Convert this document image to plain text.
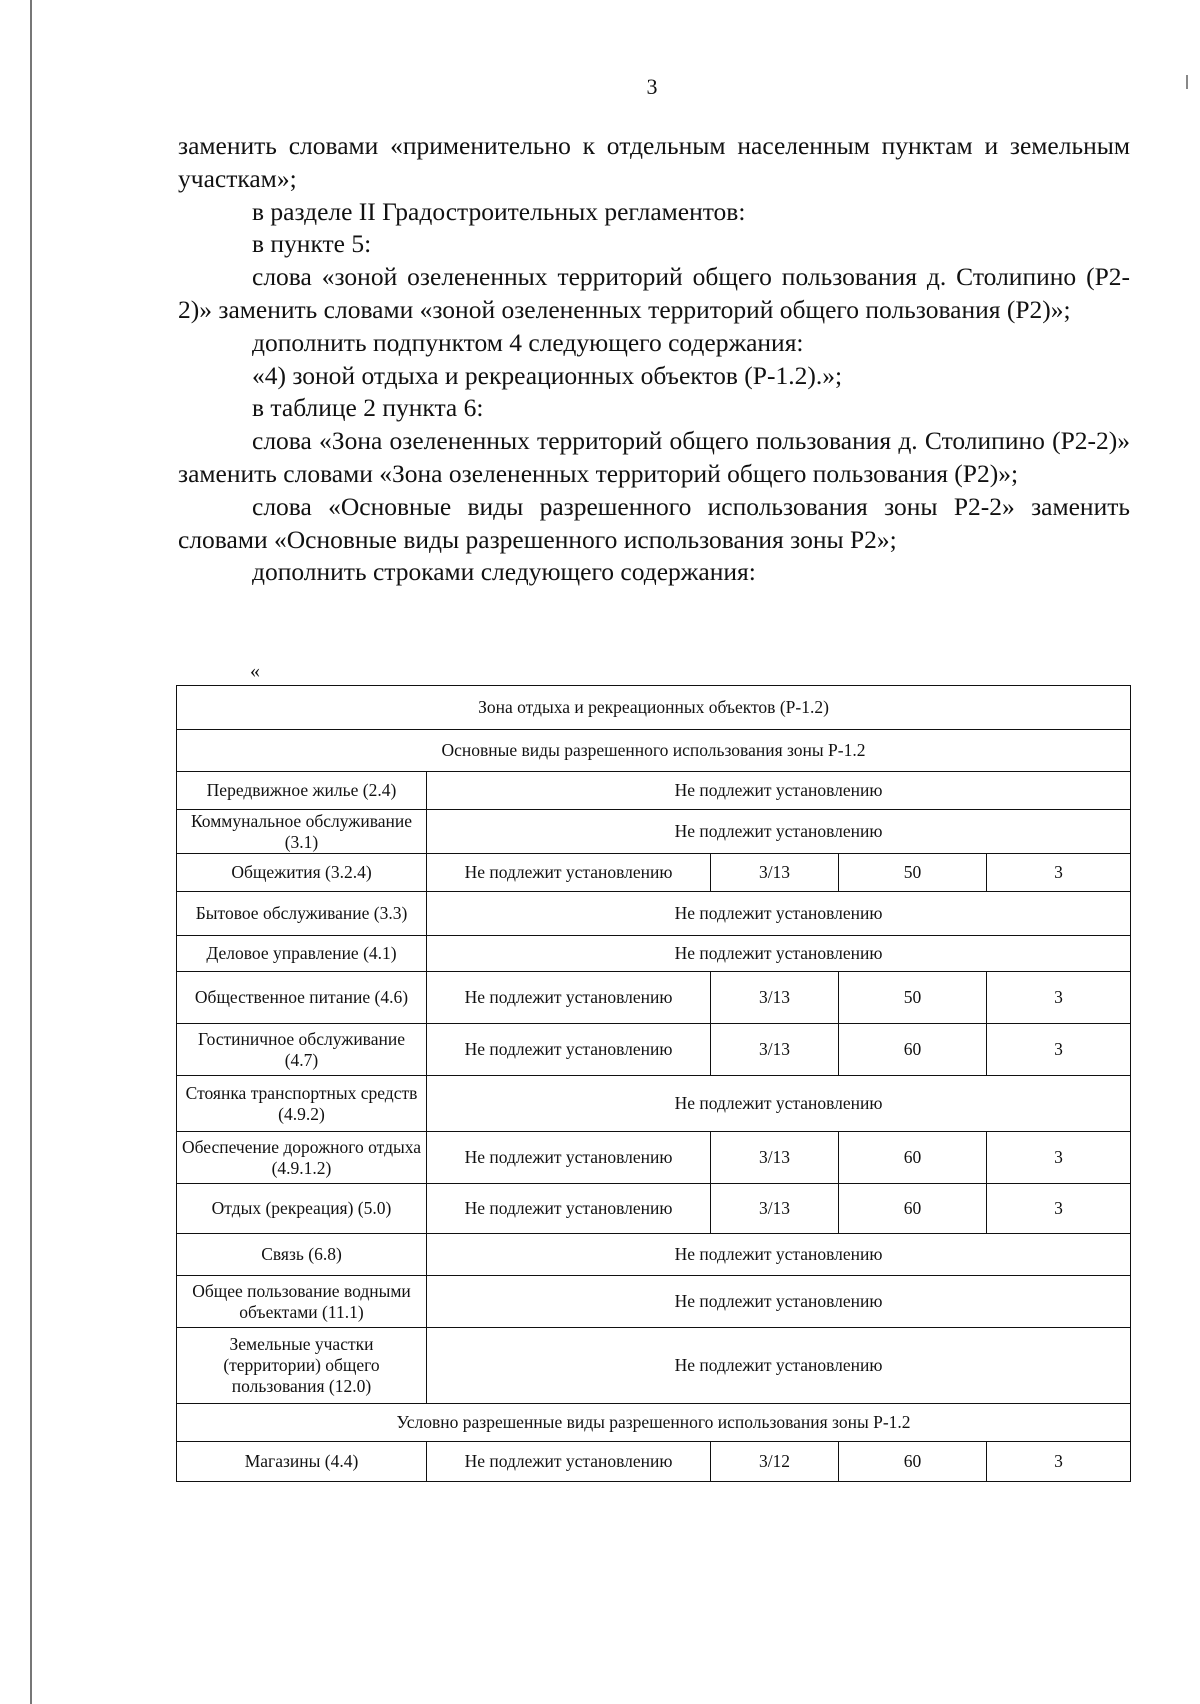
3

заменить словами «применительно к отдельным населенным пунктам и земельным участкам»;

в разделе II Градостроительных регламентов:

в пункте 5:

слова «зоной озелененных территорий общего пользования д. Столипино (Р2-2)» заменить словами «зоной озелененных территорий общего пользования (Р2)»;

дополнить подпунктом 4 следующего содержания:

«4) зоной отдыха и рекреационных объектов (Р-1.2).»;

в таблице 2 пункта 6:

слова «Зона озелененных территорий общего пользования д. Столипино (Р2-2)» заменить словами «Зона озелененных территорий общего пользования (Р2)»;

слова «Основные виды разрешенного использования зоны Р2-2» заменить словами «Основные виды разрешенного использования зоны Р2»;

дополнить строками следующего содержания:

«
Зона отдыха и рекреационных объектов (Р-1.2)				
Основные виды разрешенного использования зоны Р-1.2				
Передвижное жилье (2.4)	Не подлежит установлению			
Коммунальное обслуживание (3.1)	Не подлежит установлению			
Общежития (3.2.4)	Не подлежит установлению	3/13	50	3
Бытовое обслуживание (3.3)	Не подлежит установлению			
Деловое управление (4.1)	Не подлежит установлению			
Общественное питание (4.6)	Не подлежит установлению	3/13	50	3
Гостиничное обслуживание (4.7)	Не подлежит установлению	3/13	60	3
Стоянка транспортных средств (4.9.2)	Не подлежит установлению			
Обеспечение дорожного отдыха (4.9.1.2)	Не подлежит установлению	3/13	60	3
Отдых (рекреация) (5.0)	Не подлежит установлению	3/13	60	3
Связь (6.8)	Не подлежит установлению			
Общее пользование водными объектами (11.1)	Не подлежит установлению			
Земельные участки (территории) общего пользования (12.0)	Не подлежит установлению			
Условно разрешенные виды разрешенного использования зоны Р-1.2				
Магазины (4.4)	Не подлежит установлению	3/12	60	3
